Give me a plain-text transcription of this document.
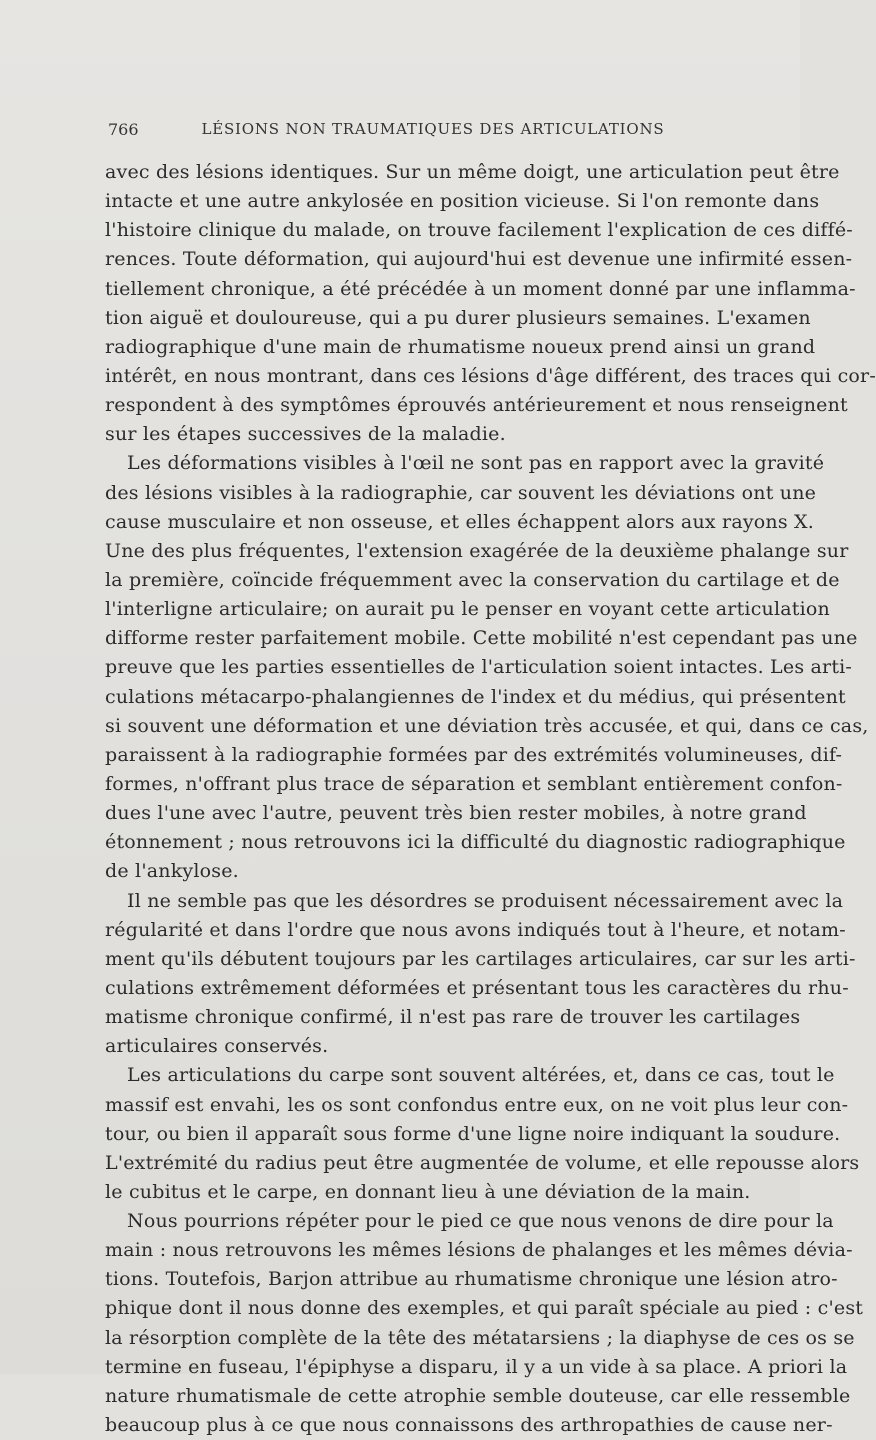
766	LÉSIONS NON TRAUMATIQUES DES ARTICULATIONS
avec des lésions identiques. Sur un même doigt, une articulation peut être
intacte et une autre ankylosée en position vicieuse. Si l'on remonte dans
l'histoire clinique du malade, on trouve facilement l'explication de ces diffé-
rences. Toute déformation, qui aujourd'hui est devenue une infirmité essen-
tiellement chronique, a été précédée à un moment donné par une inflamma-
tion aiguë et douloureuse, qui a pu durer plusieurs semaines. L'examen
radiographique d'une main de rhumatisme noueux prend ainsi un grand
intérêt, en nous montrant, dans ces lésions d'âge différent, des traces qui cor-
respondent à des symptômes éprouvés antérieurement et nous renseignent
sur les étapes successives de la maladie.
Les déformations visibles à l'œil ne sont pas en rapport avec la gravité
des lésions visibles à la radiographie, car souvent les déviations ont une
cause musculaire et non osseuse, et elles échappent alors aux rayons X.
Une des plus fréquentes, l'extension exagérée de la deuxième phalange sur
la première, coïncide fréquemment avec la conservation du cartilage et de
l'interligne articulaire; on aurait pu le penser en voyant cette articulation
difforme rester parfaitement mobile. Cette mobilité n'est cependant pas une
preuve que les parties essentielles de l'articulation soient intactes. Les arti-
culations métacarpo-phalangiennes de l'index et du médius, qui présentent
si souvent une déformation et une déviation très accusée, et qui, dans ce cas,
paraissent à la radiographie formées par des extrémités volumineuses, dif-
formes, n'offrant plus trace de séparation et semblant entièrement confon-
dues l'une avec l'autre, peuvent très bien rester mobiles, à notre grand
étonnement ; nous retrouvons ici la difficulté du diagnostic radiographique
de l'ankylose.
Il ne semble pas que les désordres se produisent nécessairement avec la
régularité et dans l'ordre que nous avons indiqués tout à l'heure, et notam-
ment qu'ils débutent toujours par les cartilages articulaires, car sur les arti-
culations extrêmement déformées et présentant tous les caractères du rhu-
matisme chronique confirmé, il n'est pas rare de trouver les cartilages
articulaires conservés.
Les articulations du carpe sont souvent altérées, et, dans ce cas, tout le
massif est envahi, les os sont confondus entre eux, on ne voit plus leur con-
tour, ou bien il apparaît sous forme d'une ligne noire indiquant la soudure.
L'extrémité du radius peut être augmentée de volume, et elle repousse alors
le cubitus et le carpe, en donnant lieu à une déviation de la main.
Nous pourrions répéter pour le pied ce que nous venons de dire pour la
main : nous retrouvons les mêmes lésions de phalanges et les mêmes dévia-
tions. Toutefois, Barjon attribue au rhumatisme chronique une lésion atro-
phique dont il nous donne des exemples, et qui paraît spéciale au pied : c'est
la résorption complète de la tête des métatarsiens ; la diaphyse de ces os se
termine en fuseau, l'épiphyse a disparu, il y a un vide à sa place. A priori la
nature rhumatismale de cette atrophie semble douteuse, car elle ressemble
beaucoup plus à ce que nous connaissons des arthropathies de cause ner-
